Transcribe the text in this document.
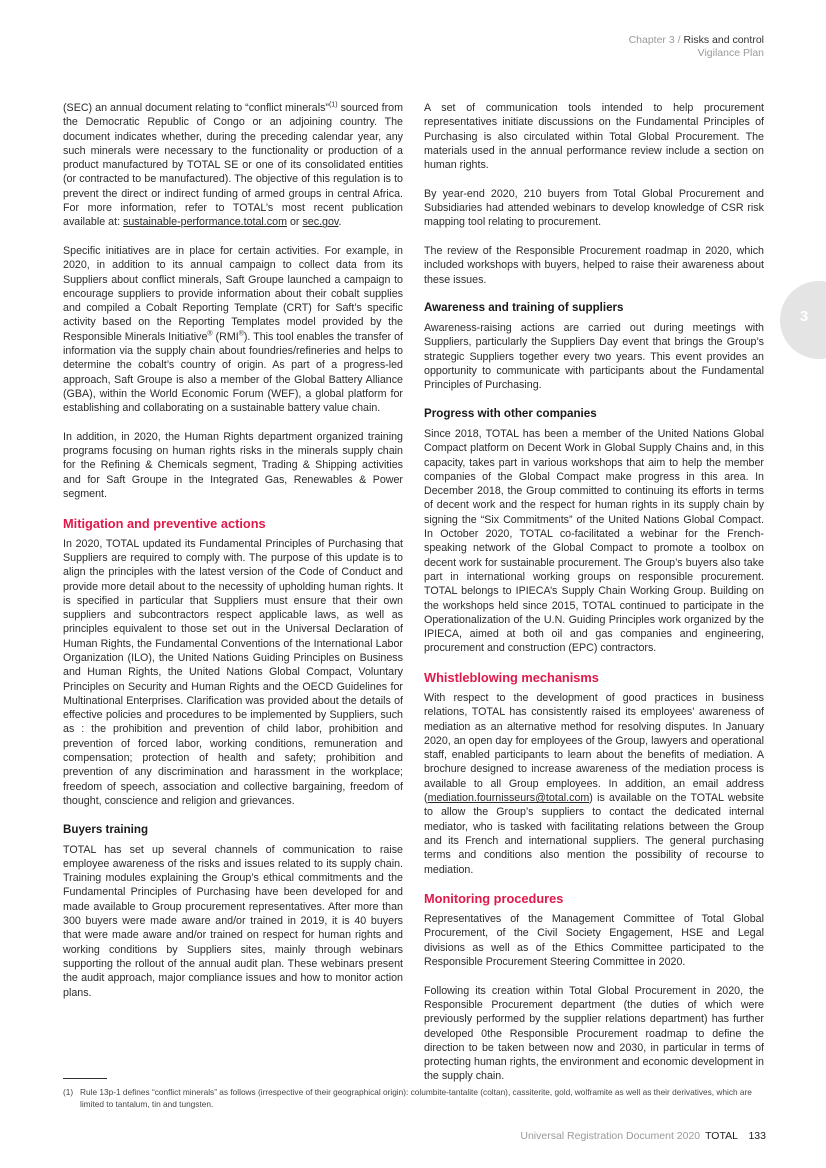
Chapter 3 / Risks and control
Vigilance Plan
3

(SEC) an annual document relating to “conflict minerals”$^{(1)}$ sourced from the Democratic Republic of Congo or an adjoining country. The document indicates whether, during the preceding calendar year, any such minerals were necessary to the functionality or production of a product manufactured by TOTAL SE or one of its consolidated entities (or contracted to be manufactured). The objective of this regulation is to prevent the direct or indirect funding of armed groups in central Africa. For more information, refer to TOTAL’s most recent publication available at: sustainable-performance.total.com or sec.gov.

Specific initiatives are in place for certain activities. For example, in 2020, in addition to its annual campaign to collect data from its Suppliers about conflict minerals, Saft Groupe launched a campaign to encourage suppliers to provide information about their cobalt supplies and compiled a Cobalt Reporting Template (CRT) for Saft’s specific activity based on the Reporting Templates model provided by the Responsible Minerals Initiative® (RMI®). This tool enables the transfer of information via the supply chain about foundries/refineries and helps to determine the cobalt’s country of origin. As part of a progress-led approach, Saft Groupe is also a member of the Global Battery Alliance (GBA), within the World Economic Forum (WEF), a global platform for establishing and collaborating on a sustainable battery value chain.

In addition, in 2020, the Human Rights department organized training programs focusing on human rights risks in the minerals supply chain for the Refining & Chemicals segment, Trading & Shipping activities and for Saft Groupe in the Integrated Gas, Renewables & Power segment.

Mitigation and preventive actions

In 2020, TOTAL updated its Fundamental Principles of Purchasing that Suppliers are required to comply with. The purpose of this update is to align the principles with the latest version of the Code of Conduct and provide more detail about to the necessity of upholding human rights. It is specified in particular that Suppliers must ensure that their own suppliers and subcontractors respect applicable laws, as well as principles equivalent to those set out in the Universal Declaration of Human Rights, the Fundamental Conventions of the International Labor Organization (ILO), the United Nations Guiding Principles on Business and Human Rights, the United Nations Global Compact, Voluntary Principles on Security and Human Rights and the OECD Guidelines for Multinational Enterprises. Clarification was provided about the details of effective policies and procedures to be implemented by Suppliers, such as : the prohibition and prevention of child labor, prohibition and prevention of forced labor, working conditions, remuneration and compensation; protection of health and safety; prohibition and prevention of any discrimination and harassment in the workplace; freedom of speech, association and collective bargaining, freedom of thought, conscience and religion and grievances.

Buyers training

TOTAL has set up several channels of communication to raise employee awareness of the risks and issues related to its supply chain. Training modules explaining the Group’s ethical commitments and the Fundamental Principles of Purchasing have been developed for and made available to Group procurement representatives. After more than 300 buyers were made aware and/or trained in 2019, it is 40 buyers that were made aware and/or trained on respect for human rights and working conditions by Suppliers sites, mainly through webinars supporting the rollout of the annual audit plan. These webinars present the audit approach, major compliance issues and how to monitor action plans.

A set of communication tools intended to help procurement representatives initiate discussions on the Fundamental Principles of Purchasing is also circulated within Total Global Procurement. The materials used in the annual performance review include a section on human rights.

By year-end 2020, 210 buyers from Total Global Procurement and Subsidiaries had attended webinars to develop knowledge of CSR risk mapping tool relating to procurement.

The review of the Responsible Procurement roadmap in 2020, which included workshops with buyers, helped to raise their awareness about these issues.

Awareness and training of suppliers

Awareness-raising actions are carried out during meetings with Suppliers, particularly the Suppliers Day event that brings the Group’s strategic Suppliers together every two years. This event provides an opportunity to communicate with participants about the Fundamental Principles of Purchasing.

Progress with other companies

Since 2018, TOTAL has been a member of the United Nations Global Compact platform on Decent Work in Global Supply Chains and, in this capacity, takes part in various workshops that aim to help the member companies of the Global Compact make progress in this area. In December 2018, the Group committed to continuing its efforts in terms of decent work and the respect for human rights in its supply chain by signing the “Six Commitments” of the United Nations Global Compact. In October 2020, TOTAL co-facilitated a webinar for the French-speaking network of the Global Compact to promote a toolbox on decent work for sustainable procurement. The Group’s buyers also take part in international working groups on responsible procurement. TOTAL belongs to IPIECA’s Supply Chain Working Group. Building on the workshops held since 2015, TOTAL continued to participate in the Operationalization of the U.N. Guiding Principles work organized by the IPIECA, aimed at both oil and gas companies and engineering, procurement and construction (EPC) contractors.

Whistleblowing mechanisms

With respect to the development of good practices in business relations, TOTAL has consistently raised its employees’ awareness of mediation as an alternative method for resolving disputes. In January 2020, an open day for employees of the Group, lawyers and operational staff, enabled participants to learn about the benefits of mediation. A brochure designed to increase awareness of the mediation process is available to all Group employees. In addition, an email address (mediation.fournisseurs@total.com) is available on the TOTAL website to allow the Group’s suppliers to contact the dedicated internal mediator, who is tasked with facilitating relations between the Group and its French and international suppliers. The general purchasing terms and conditions also mention the possibility of recourse to mediation.

Monitoring procedures

Representatives of the Management Committee of Total Global Procurement, of the Civil Society Engagement, HSE and Legal divisions as well as of the Ethics Committee participated to the Responsible Procurement Steering Committee in 2020.

Following its creation within Total Global Procurement in 2020, the Responsible Procurement department (the duties of which were previously performed by the supplier relations department) has further developed 0the Responsible Procurement roadmap to define the direction to be taken between now and 2030, in particular in terms of protecting human rights, the environment and economic development in the supply chain.

(1) Rule 13p-1 defines “conflict minerals” as follows (irrespective of their geographical origin): columbite-tantalite (coltan), cassiterite, gold, wolframite as well as their derivatives, which are limited to tantalum, tin and tungsten.
Universal Registration Document 2020 TOTAL 133
